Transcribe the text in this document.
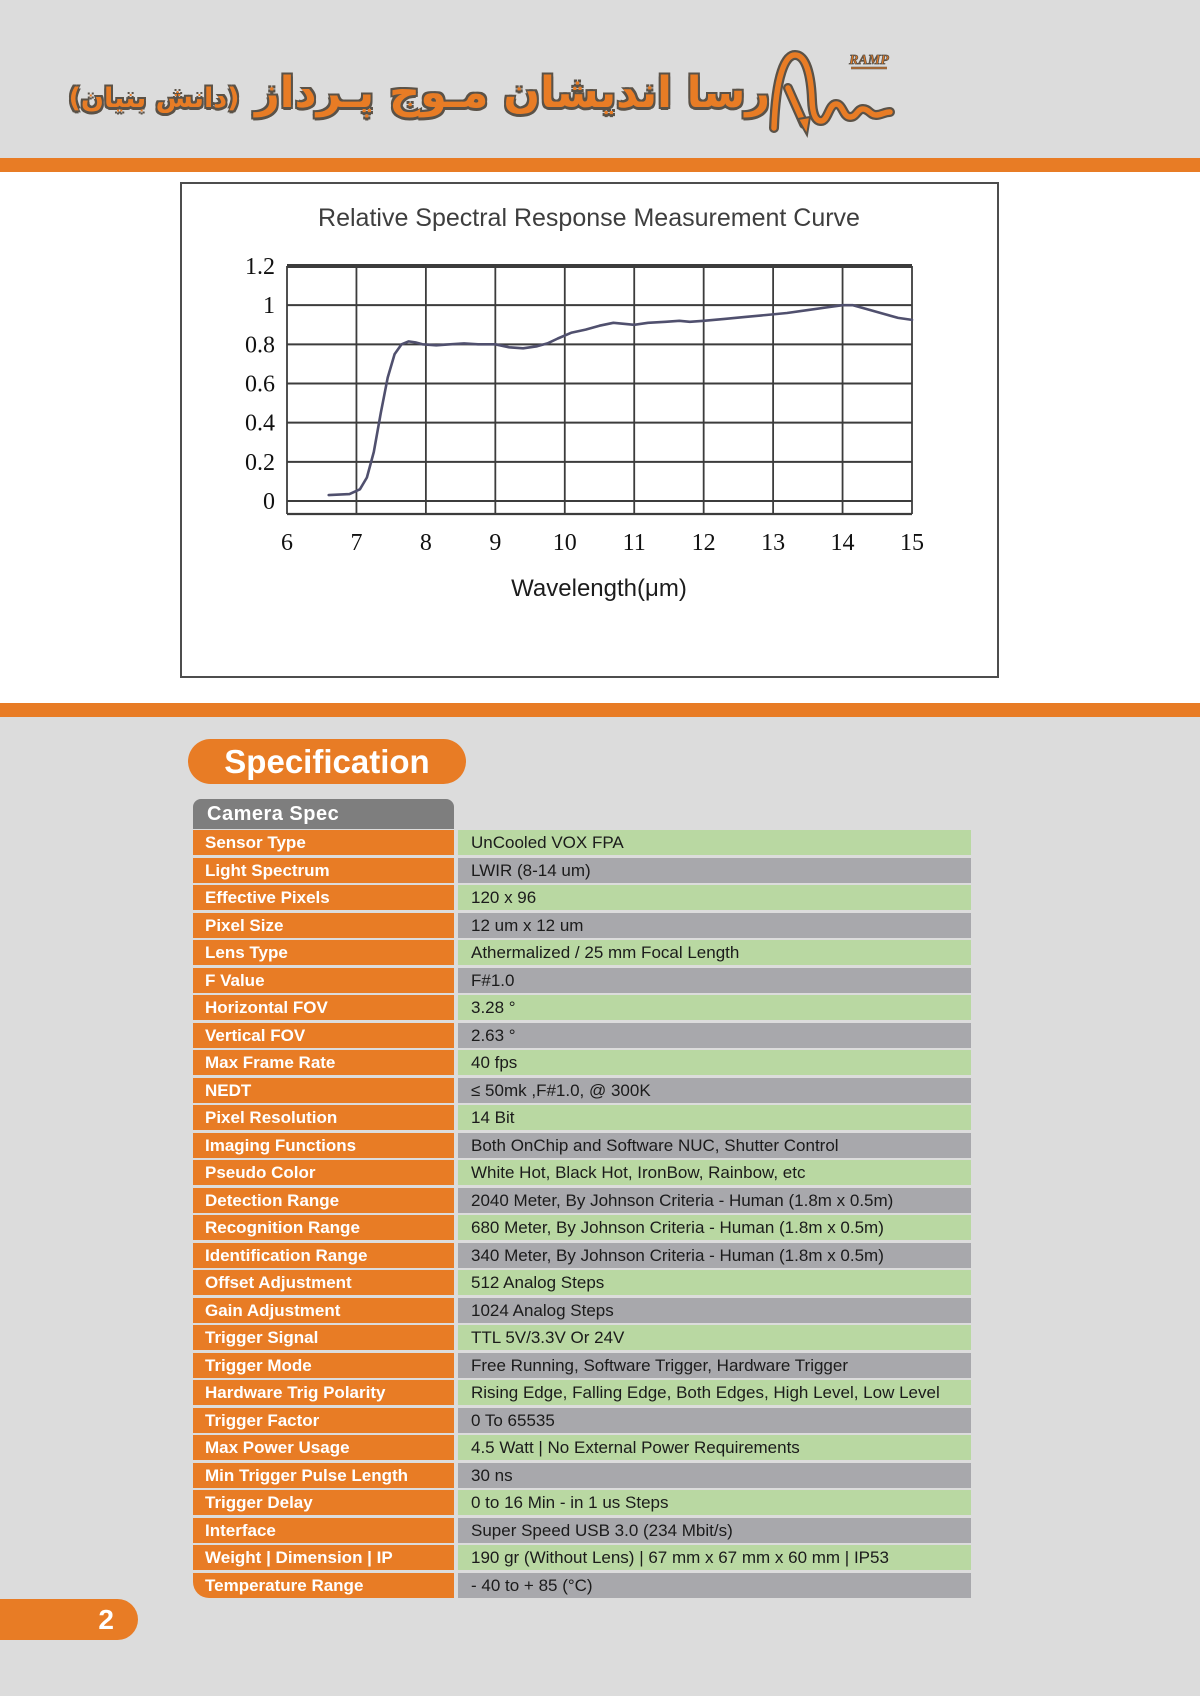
رسا اندیشان مـوج پـرداز (دانش بنیان)
RAMP
Relative Spectral Response Measurement Curve
1.2
1
0.8
0.6
0.4
0.2
0
6 7 8 9 10 11 12 13 14 15
Wavelength(μm)
Specification
Camera Spec
Sensor Type	UnCooled VOX FPA
Light Spectrum	LWIR (8-14 um)
Effective Pixels	120 x 96
Pixel Size	12 um x 12 um
Lens Type	Athermalized / 25 mm Focal Length
F Value	F#1.0
Horizontal FOV	3.28 °
Vertical FOV	2.63 °
Max Frame Rate	40 fps
NEDT	≤ 50mk ,F#1.0, @ 300K
Pixel Resolution	14 Bit
Imaging Functions	Both OnChip and Software NUC, Shutter Control
Pseudo Color	White Hot, Black Hot, IronBow, Rainbow, etc
Detection Range	2040 Meter, By Johnson Criteria - Human (1.8m x 0.5m)
Recognition Range	680 Meter, By Johnson Criteria - Human (1.8m x 0.5m)
Identification Range	340 Meter, By Johnson Criteria - Human (1.8m x 0.5m)
Offset Adjustment	512 Analog Steps
Gain Adjustment	1024 Analog Steps
Trigger Signal	TTL 5V/3.3V Or 24V
Trigger Mode	Free Running, Software Trigger, Hardware Trigger
Hardware Trig Polarity	Rising Edge, Falling Edge, Both Edges, High Level, Low Level
Trigger Factor	0 To 65535
Max Power Usage	4.5 Watt | No External Power Requirements
Min Trigger Pulse Length	30 ns
Trigger Delay	0 to 16 Min - in 1 us Steps
Interface	Super Speed USB 3.0 (234 Mbit/s)
Weight | Dimension | IP	190 gr (Without Lens) | 67 mm x 67 mm x 60 mm | IP53
Temperature Range	- 40 to + 85 (°C)
2
